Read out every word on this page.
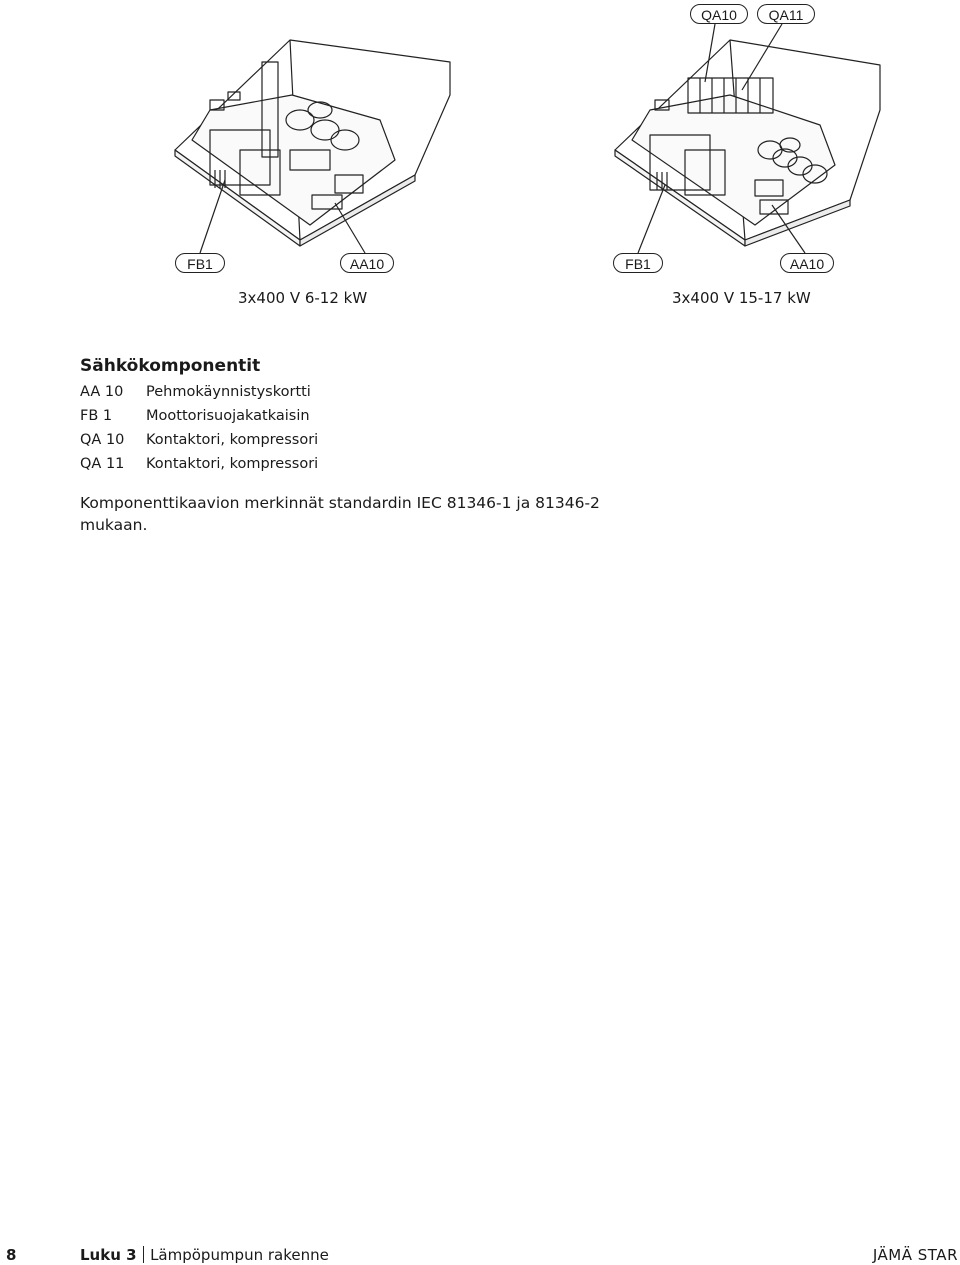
FB1	AA10
3x400 V 6-12 kW
QA10	QA11
FB1	AA10
3x400 V 15-17 kW
Sähkökomponentit
AA 10	Pehmokäynnistyskortti
FB 1	Moottorisuojakatkaisin
QA 10	Kontaktori, kompressori
QA 11	Kontaktori, kompressori

Komponenttikaavion merkinnät standardin IEC 81346-1 ja 81346-2 mukaan.

8	Luku 3 Lämpöpumpun rakenne	JÄMÄ STAR
